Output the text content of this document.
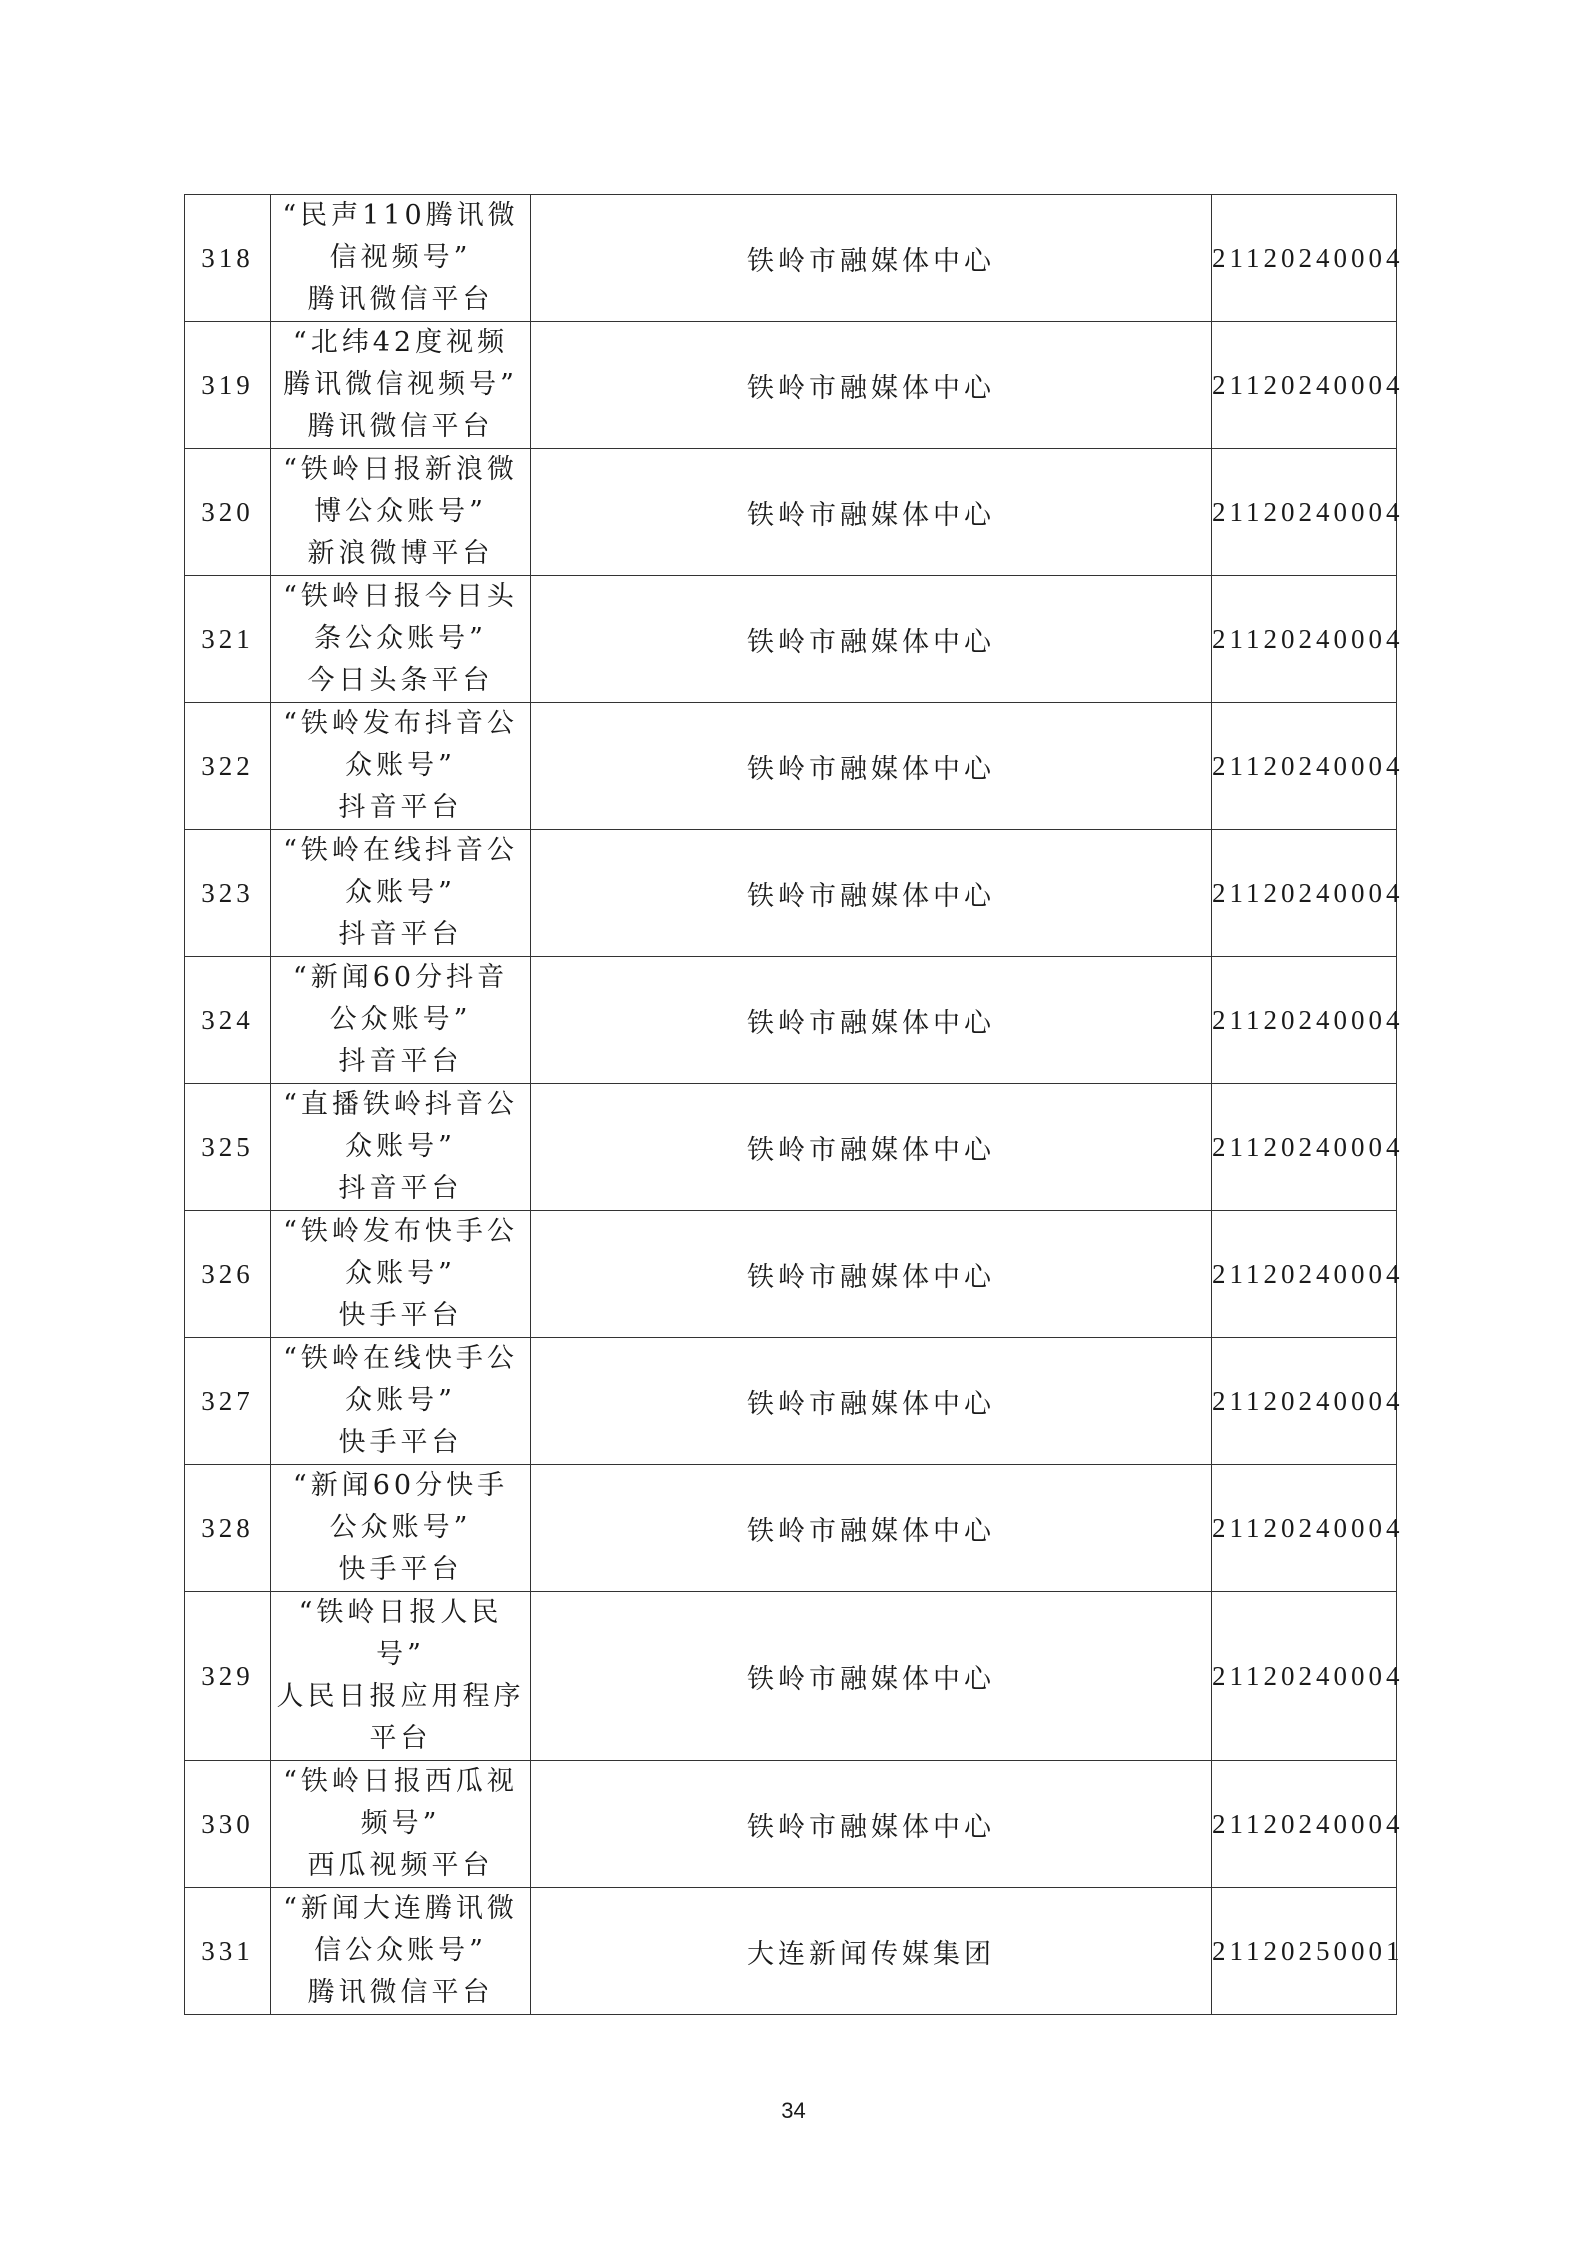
318	“民声110腾讯微
信视频号”
腾讯微信平台	铁岭市融媒体中心	21120240004
319	“北纬42度视频
腾讯微信视频号”
腾讯微信平台	铁岭市融媒体中心	21120240004
320	“铁岭日报新浪微
博公众账号”
新浪微博平台	铁岭市融媒体中心	21120240004
321	“铁岭日报今日头
条公众账号”
今日头条平台	铁岭市融媒体中心	21120240004
322	“铁岭发布抖音公
众账号”
抖音平台	铁岭市融媒体中心	21120240004
323	“铁岭在线抖音公
众账号”
抖音平台	铁岭市融媒体中心	21120240004
324	“新闻60分抖音
公众账号”
抖音平台	铁岭市融媒体中心	21120240004
325	“直播铁岭抖音公
众账号”
抖音平台	铁岭市融媒体中心	21120240004
326	“铁岭发布快手公
众账号”
快手平台	铁岭市融媒体中心	21120240004
327	“铁岭在线快手公
众账号”
快手平台	铁岭市融媒体中心	21120240004
328	“新闻60分快手
公众账号”
快手平台	铁岭市融媒体中心	21120240004
329	“铁岭日报人民
号”
人民日报应用程序
平台	铁岭市融媒体中心	21120240004
330	“铁岭日报西瓜视
频号”
西瓜视频平台	铁岭市融媒体中心	21120240004
331	“新闻大连腾讯微
信公众账号”
腾讯微信平台	大连新闻传媒集团	21120250001
34
